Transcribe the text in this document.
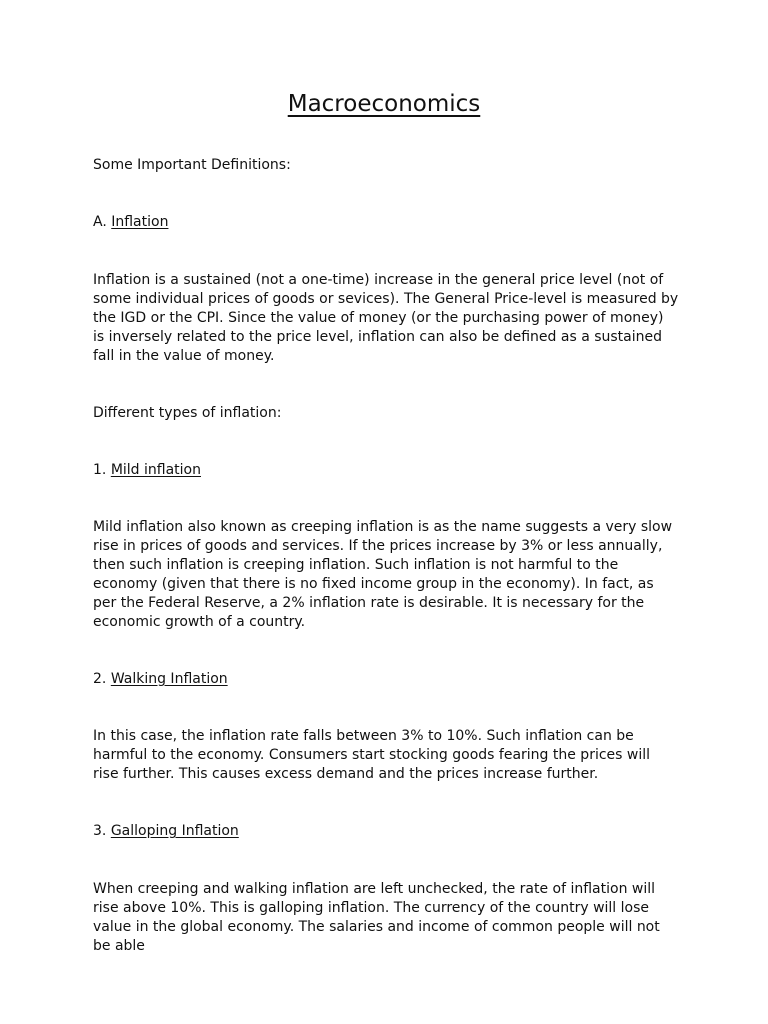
Macroeconomics

Some Important Definitions:

A. Inflation

Inflation is a sustained (not a one-time) increase in the general price level (not of some individual prices of goods or sevices). The General Price-level is measured by the IGD or the CPI. Since the value of money (or the purchasing power of money) is inversely related to the price level, inflation can also be defined as a sustained fall in the value of money.

Different types of inflation:

1. Mild inflation

Mild inflation also known as creeping inflation is as the name suggests a very slow rise in prices of goods and services. If the prices increase by 3% or less annually, then such inflation is creeping inflation. Such inflation is not harmful to the economy (given that there is no fixed income group in the economy). In fact, as per the Federal Reserve, a 2% inflation rate is desirable. It is necessary for the economic growth of a country.

2. Walking Inflation

In this case, the inflation rate falls between 3% to 10%. Such inflation can be harmful to the economy. Consumers start stocking goods fearing the prices will rise further. This causes excess demand and the prices increase further.

3. Galloping Inflation

When creeping and walking inflation are left unchecked, the rate of inflation will rise above 10%. This is galloping inflation. The currency of the country will lose value in the global economy. The salaries and income of common people will not be able
